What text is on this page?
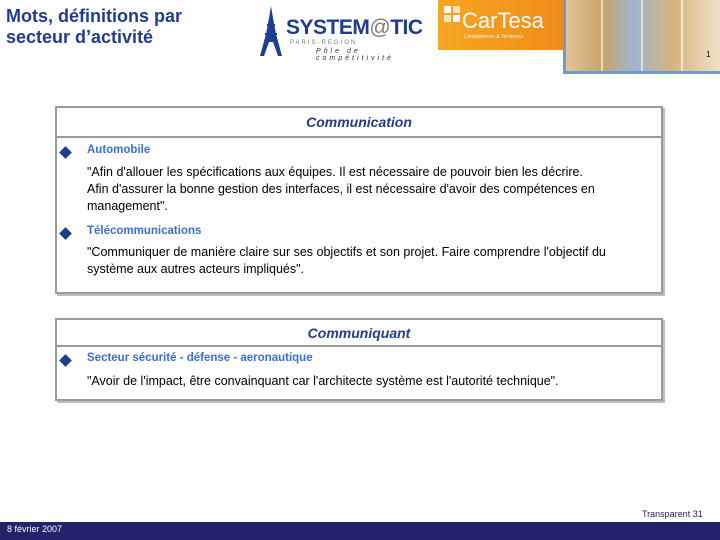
Mots, définitions par
secteur d’activité	SYSTEM@TIC
PARIS-REGION
Pôle de compétitivité
CarTesa
Compétences & Territoires
1
Communication
Automobile
"Afin d'allouer les spécifications aux équipes. Il est nécessaire de pouvoir bien les décrire.
Afin d'assurer la bonne gestion des interfaces, il est nécessaire d'avoir des compétences en
management".
Télécommunications
"Communiquer de manière claire sur ses objectifs et son projet. Faire comprendre l'objectif du
système aux autres acteurs impliqués".
Communiquant
Secteur sécurité - défense - aeronautique
"Avoir de l'impact, être convainquant car l'architecte système est l'autorité technique".
Transparent 31
8 février 2007
